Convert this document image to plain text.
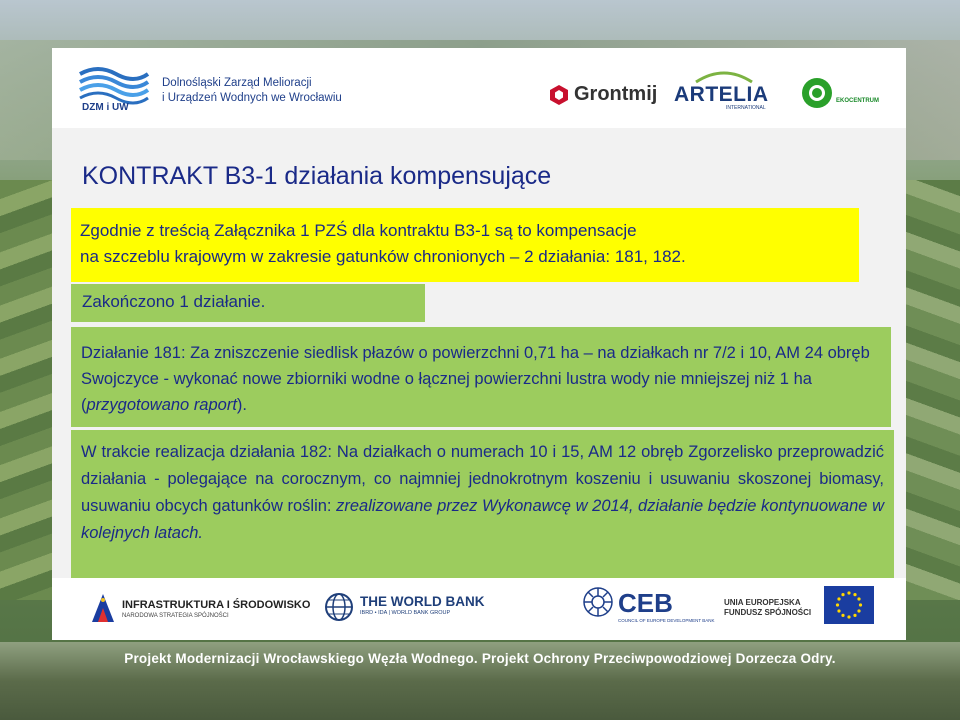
Dolnośląski Zarząd Melioracji
i Urządzeń Wodnych we Wrocławiu
DZM i UW
Grontmij ARTELIA
INTERNATIONAL
EKOCENTRUM
KONTRAKT B3-1 działania kompensujące
Zgodnie z treścią Załącznika 1 PZŚ dla kontraktu B3-1 są to kompensacje
na szczeblu krajowym w zakresie gatunków chronionych – 2 działania: 181, 182.
Zakończono 1 działanie.
Działanie 181: Za zniszczenie siedlisk płazów o powierzchni 0,71 ha – na działkach nr 7/2 i 10, AM 24 obręb Swojczyce - wykonać nowe zbiorniki wodne o łącznej powierzchni lustra wody nie mniejszej niż 1 ha (przygotowano raport).
W trakcie realizacja działania 182: Na działkach o numerach 10 i 15, AM 12 obręb Zgorzelisko przeprowadzić działania - polegające na corocznym, co najmniej jednokrotnym koszeniu i usuwaniu skoszonej biomasy, usuwaniu obcych gatunków roślin: zrealizowane przez Wykonawcę w 2014, działanie będzie kontynuowane w kolejnych latach.
INFRASTRUKTURA I ŚRODOWISKO
NARODOWA STRATEGIA SPÓJNOŚCI
THE WORLD BANK
IBRD • IDA | WORLD BANK GROUP	CEB
COUNCIL OF EUROPE DEVELOPMENT BANK
UNIA EUROPEJSKA
FUNDUSZ SPÓJNOŚCI
Projekt Modernizacji Wrocławskiego Węzła Wodnego. Projekt Ochrony Przeciwpowodziowej Dorzecza Odry.
